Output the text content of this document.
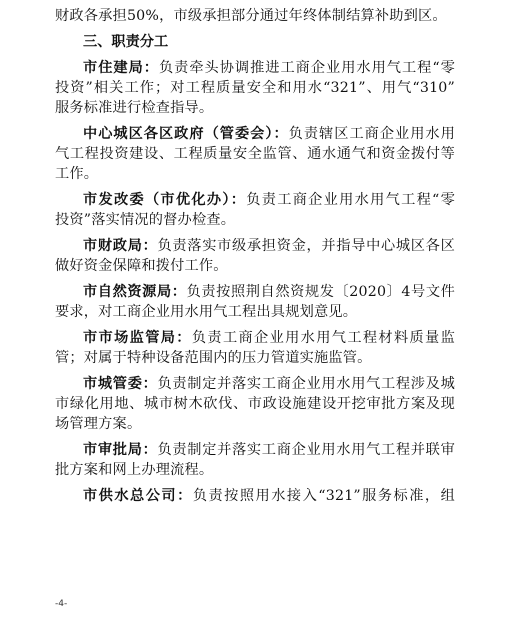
财政各承担50%，市级承担部分通过年终体制结算补助到区。
三、职责分工
市住建局：负责牵头协调推进工商企业用水用气工程“零
投资”相关工作；对工程质量安全和用水“321”、用气“310”
服务标准进行检查指导。
中心城区各区政府（管委会）：负责辖区工商企业用水用
气工程投资建设、工程质量安全监管、通水通气和资金拨付等
工作。
市发改委（市优化办）：负责工商企业用水用气工程“零
投资”落实情况的督办检查。
市财政局：负责落实市级承担资金，并指导中心城区各区
做好资金保障和拨付工作。
市自然资源局：负责按照荆自然资规发〔2020〕4号文件
要求，对工商企业用水用气工程出具规划意见。
市市场监管局：负责工商企业用水用气工程材料质量监
管；对属于特种设备范围内的压力管道实施监管。
市城管委：负责制定并落实工商企业用水用气工程涉及城
市绿化用地、城市树木砍伐、市政设施建设开挖审批方案及现
场管理方案。
市审批局：负责制定并落实工商企业用水用气工程并联审
批方案和网上办理流程。
市供水总公司：负责按照用水接入“321”服务标准，组
-4-
